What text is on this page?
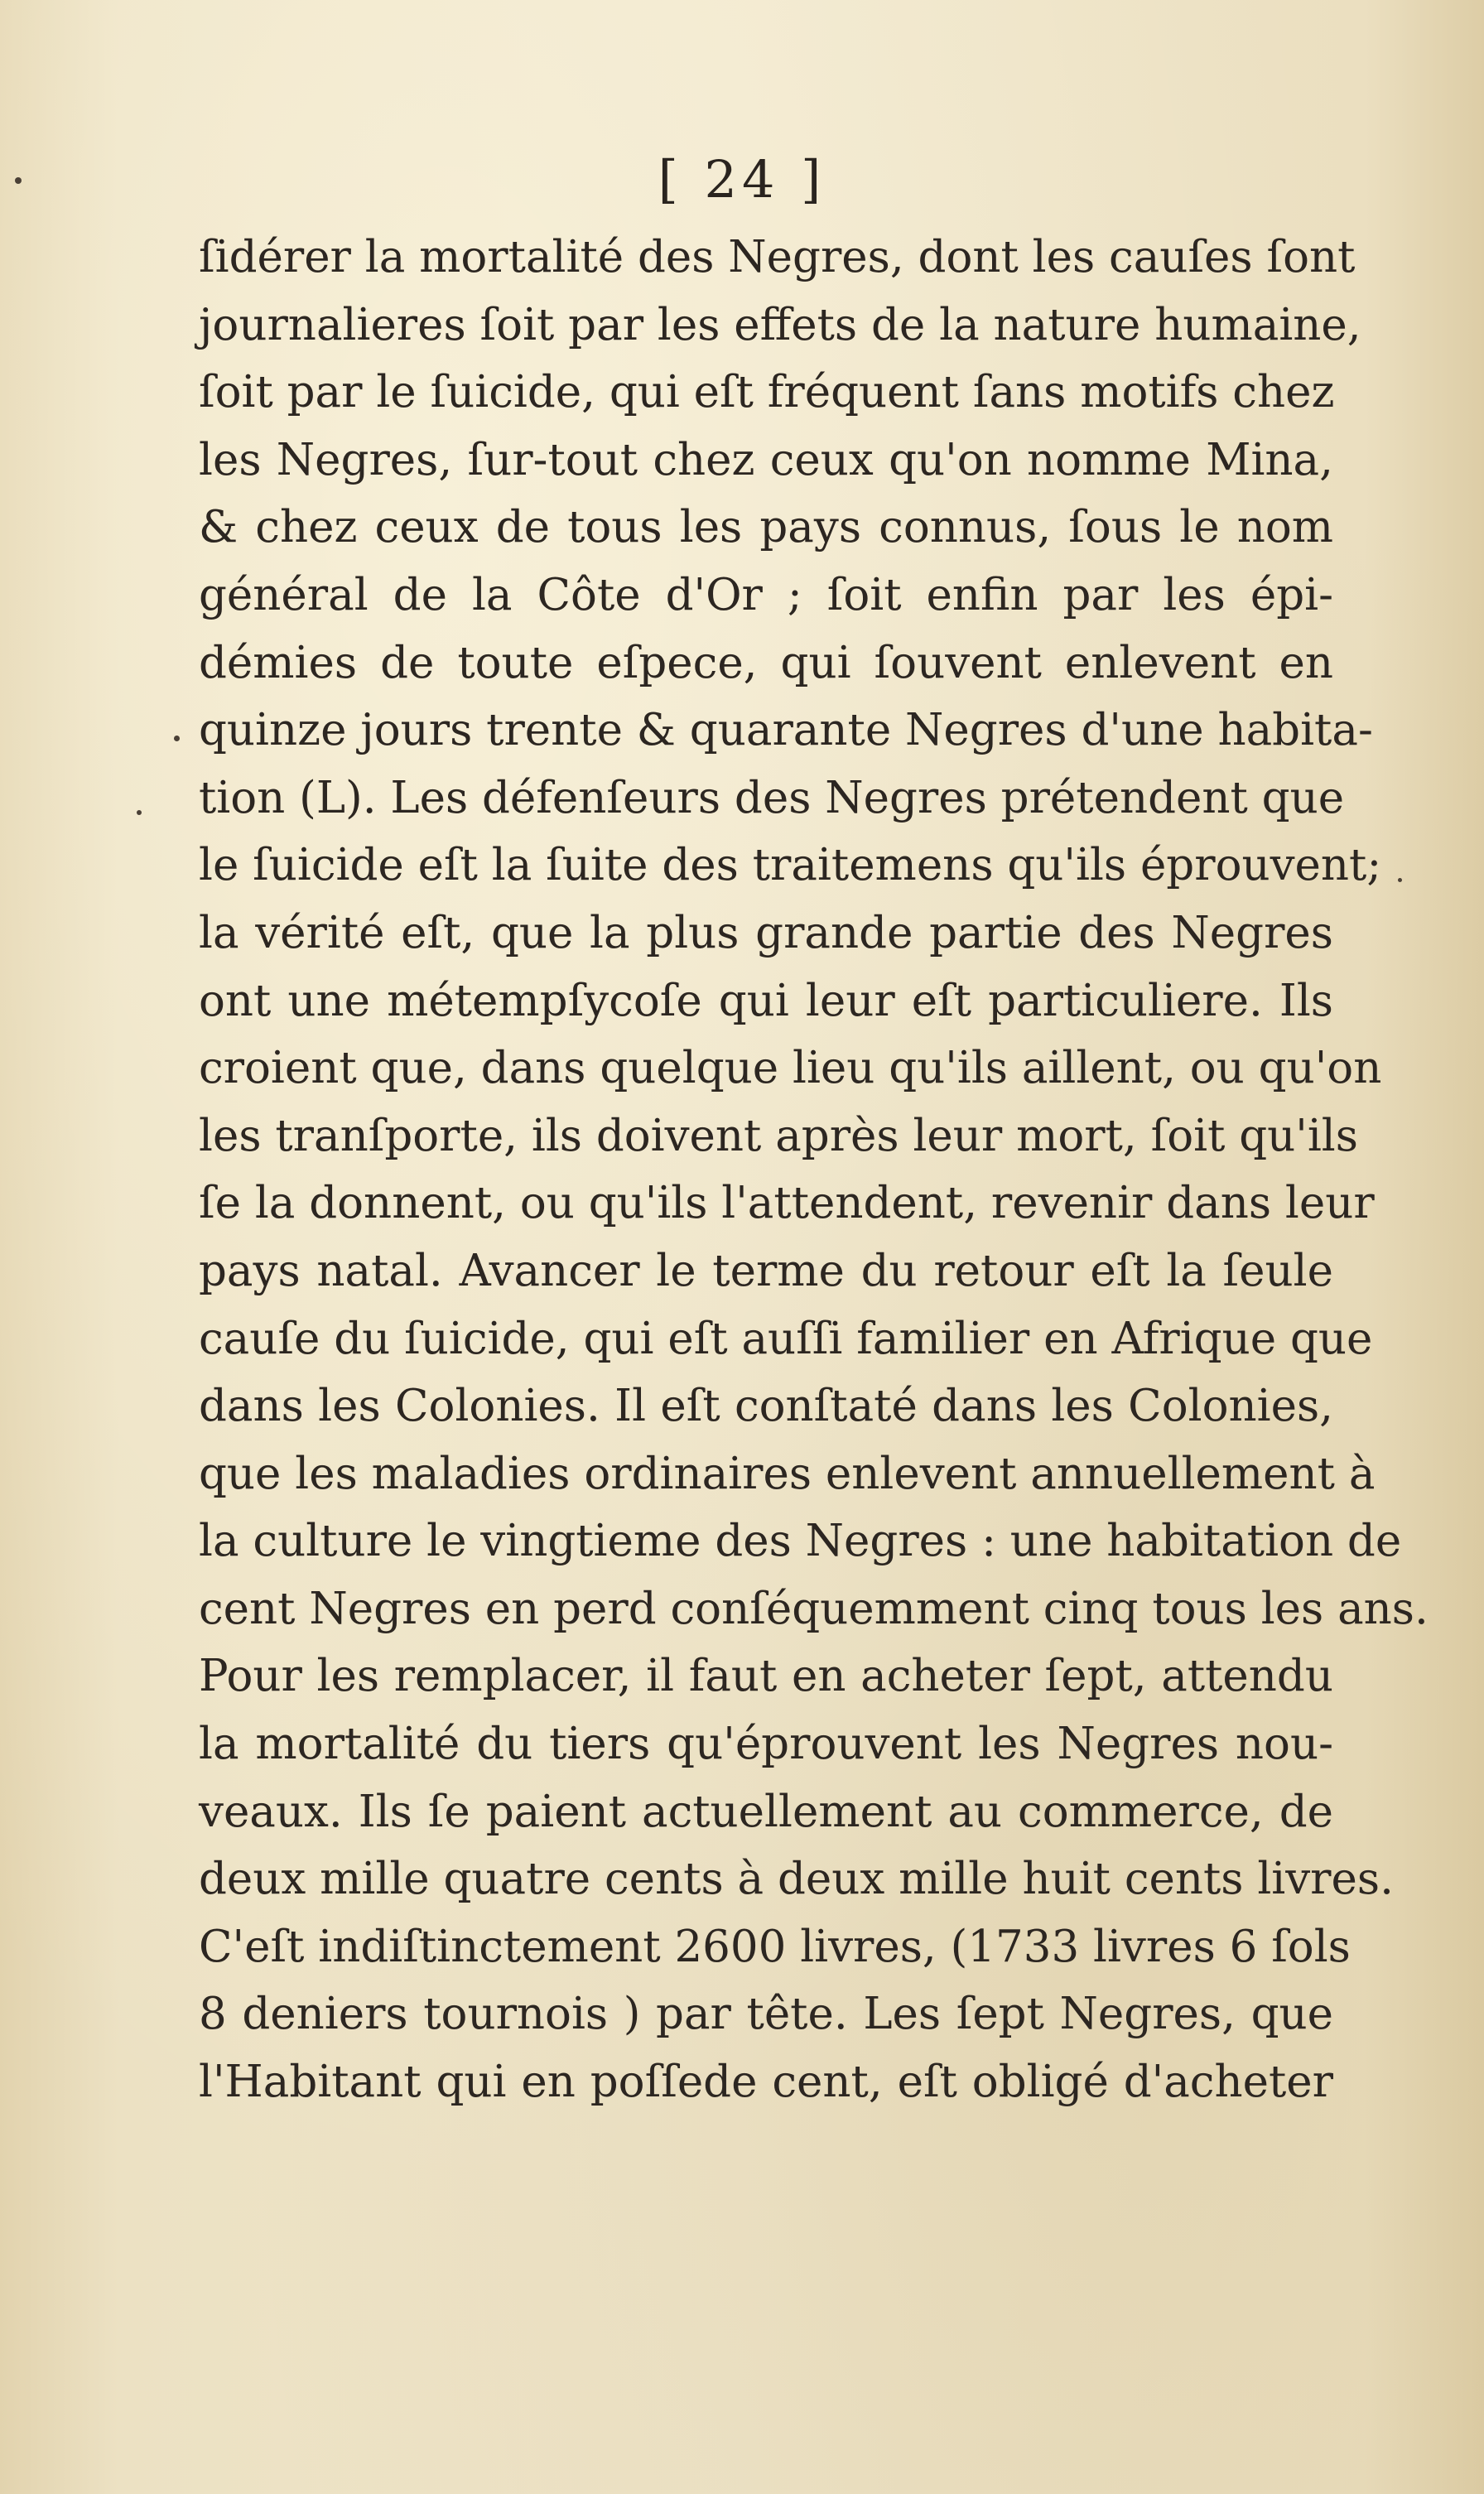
[ 24 ]
ſidérer la mortalité des Negres, dont les cauſes ſont
journalieres ſoit par les effets de la nature humaine,
ſoit par le ſuicide, qui eſt fréquent ſans motifs chez
les Negres, ſur-tout chez ceux qu'on nomme Mina,
& chez ceux de tous les pays connus, ſous le nom
général de la Côte d'Or ; ſoit enfin par les épi-
démies de toute eſpece, qui ſouvent enlevent en
quinze jours trente & quarante Negres d'une habita-
tion (L). Les défenſeurs des Negres prétendent que
le ſuicide eſt la ſuite des traitemens qu'ils éprouvent;
la vérité eſt, que la plus grande partie des Negres
ont une métempſycoſe qui leur eſt particuliere. Ils
croient que, dans quelque lieu qu'ils aillent, ou qu'on
les tranſporte, ils doivent après leur mort, ſoit qu'ils
ſe la donnent, ou qu'ils l'attendent, revenir dans leur
pays natal. Avancer le terme du retour eſt la ſeule
cauſe du ſuicide, qui eſt auſſi familier en Afrique que
dans les Colonies. Il eſt conſtaté dans les Colonies,
que les maladies ordinaires enlevent annuellement à
la culture le vingtieme des Negres : une habitation de
cent Negres en perd conſéquemment cinq tous les ans.
Pour les remplacer, il faut en acheter ſept, attendu
la mortalité du tiers qu'éprouvent les Negres nou-
veaux. Ils ſe paient actuellement au commerce, de
deux mille quatre cents à deux mille huit cents livres.
C'eſt indiſtinctement 2600 livres, (1733 livres 6 ſols
8 deniers tournois ) par tête. Les ſept Negres, que
l'Habitant qui en poſſede cent, eſt obligé d'acheter
